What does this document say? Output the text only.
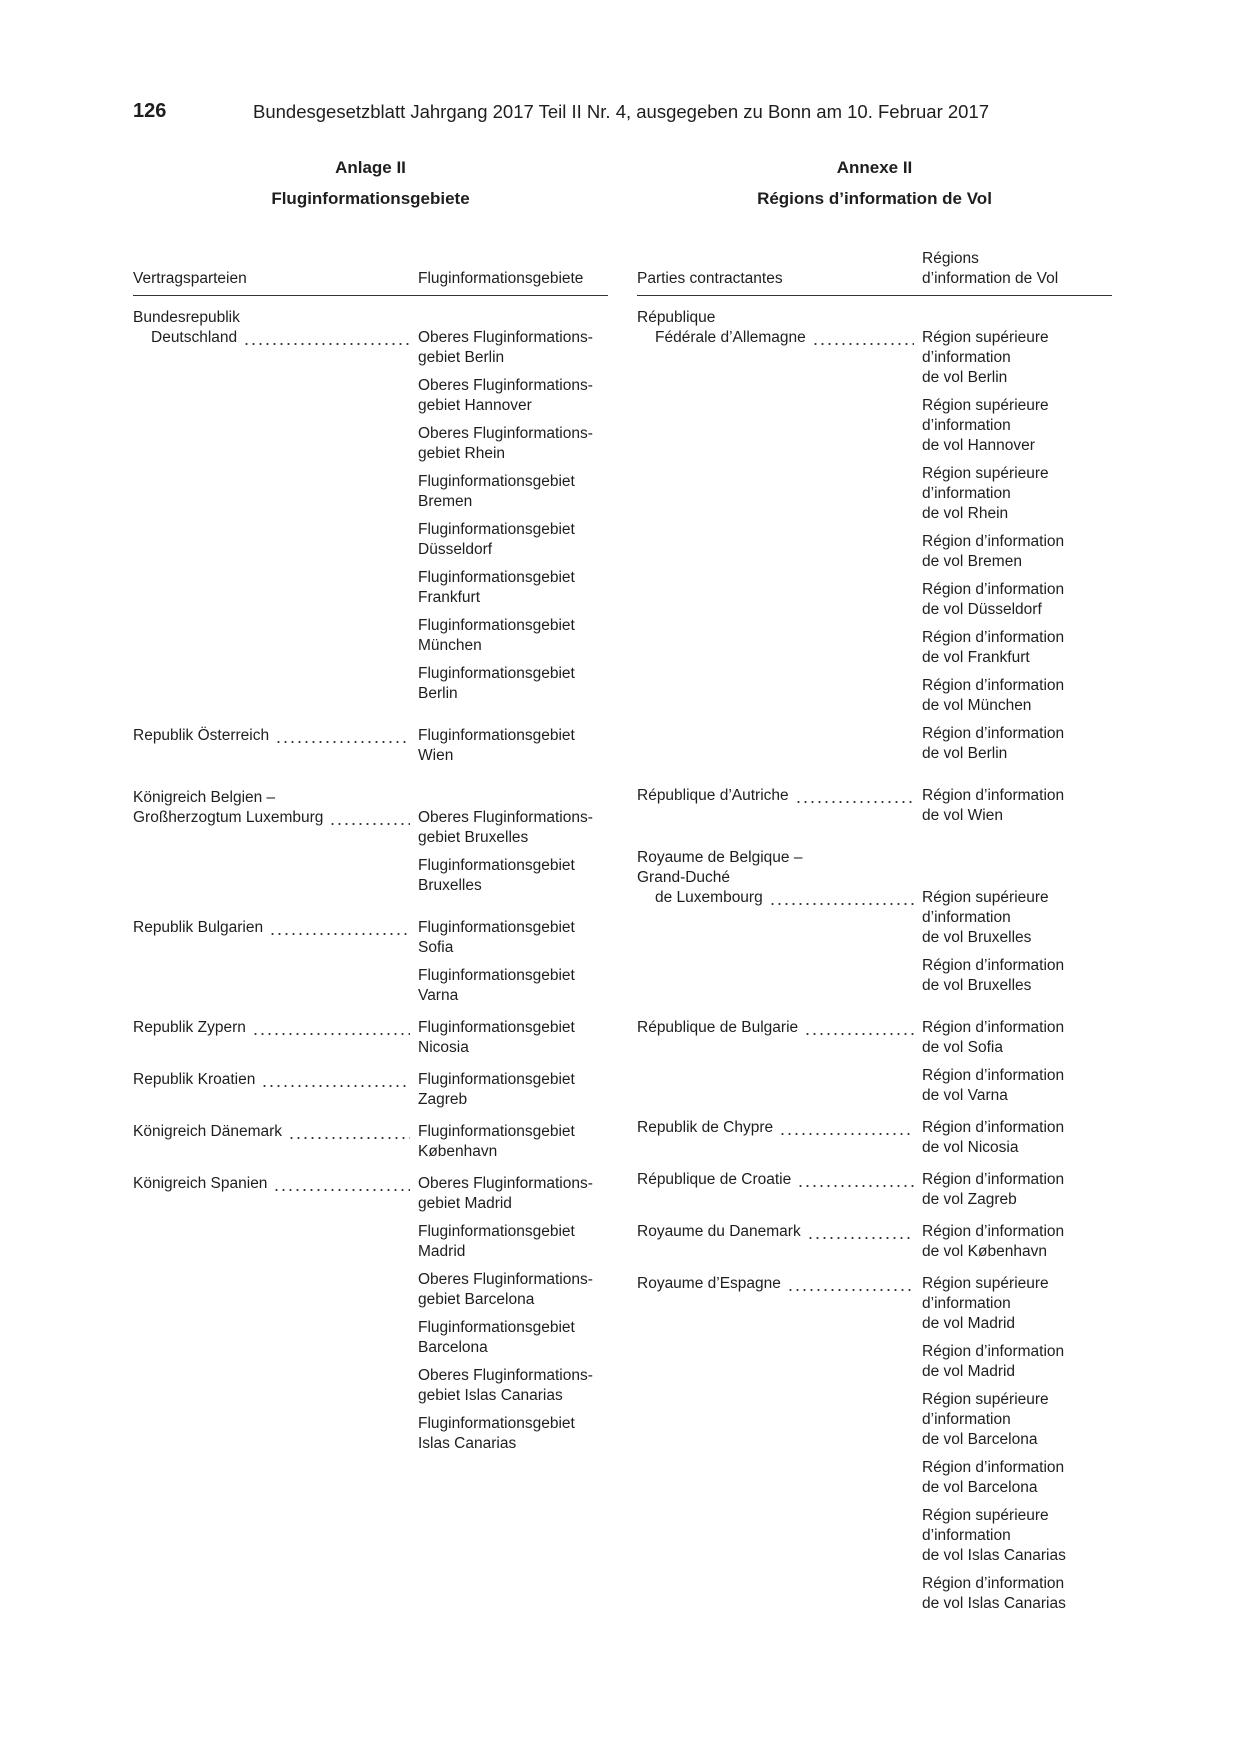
126	Bundesgesetzblatt Jahrgang 2017 Teil II Nr. 4, ausgegeben zu Bonn am 10. Februar 2017
Anlage II
Fluginformationsgebiete
Annexe II
Régions d’information de Vol
Vertragsparteien	Fluginformationsgebiete
Bundesrepublik
Deutschland	Oberes Fluginformations-
gebiet Berlin
Oberes Fluginformations-
gebiet Hannover
Oberes Fluginformations-
gebiet Rhein
Fluginformationsgebiet
Bremen
Fluginformationsgebiet
Düsseldorf
Fluginformationsgebiet
Frankfurt
Fluginformationsgebiet
München
Fluginformationsgebiet
Berlin
Republik Österreich	Fluginformationsgebiet
Wien
Königreich Belgien –
Großherzogtum Luxemburg	Oberes Fluginformations-
gebiet Bruxelles
Fluginformationsgebiet
Bruxelles
Republik Bulgarien	Fluginformationsgebiet
Sofia
Fluginformationsgebiet
Varna
Republik Zypern	Fluginformationsgebiet
Nicosia
Republik Kroatien	Fluginformationsgebiet
Zagreb
Königreich Dänemark	Fluginformationsgebiet
København
Königreich Spanien	Oberes Fluginformations-
gebiet Madrid
Fluginformationsgebiet
Madrid
Oberes Fluginformations-
gebiet Barcelona
Fluginformationsgebiet
Barcelona
Oberes Fluginformations-
gebiet Islas Canarias
Fluginformationsgebiet
Islas Canarias
Parties contractantes
Régions
d’information de Vol
République
Fédérale d’Allemagne	Région supérieure
d’information
de vol Berlin
Région supérieure
d’information
de vol Hannover
Région supérieure
d’information
de vol Rhein
Région d’information
de vol Bremen
Région d’information
de vol Düsseldorf
Région d’information
de vol Frankfurt
Région d’information
de vol München
Région d’information
de vol Berlin
République d’Autriche	Région d’information
de vol Wien
Royaume de Belgique –
Grand-Duché
de Luxembourg	Région supérieure
d’information
de vol Bruxelles
Région d’information
de vol Bruxelles
République de Bulgarie	Région d’information
de vol Sofia
Région d’information
de vol Varna
Republik de Chypre	Région d’information
de vol Nicosia
République de Croatie	Région d’information
de vol Zagreb
Royaume du Danemark	Région d’information
de vol København
Royaume d’Espagne	Région supérieure
d’information
de vol Madrid
Région d’information
de vol Madrid
Région supérieure
d’information
de vol Barcelona
Région d’information
de vol Barcelona
Région supérieure
d’information
de vol Islas Canarias
Région d’information
de vol Islas Canarias
